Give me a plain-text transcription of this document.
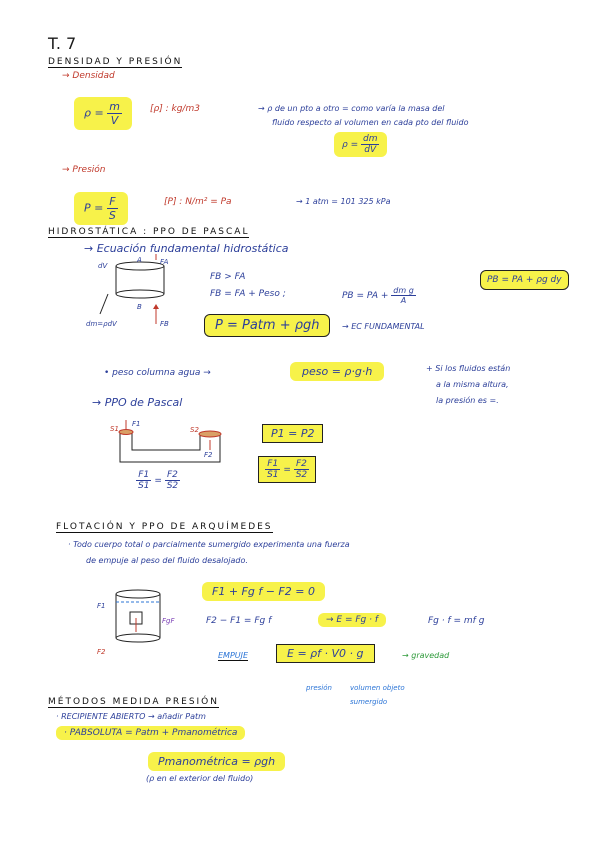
T. 7
DENSIDAD Y PRESIÓN
→ Densidad
$\rho = \frac{m}{V}$	[ρ] : kg/m3	→ ρ de un pto a otro = como varía la masa del
fluido respecto al volumen en cada pto del fluido
$\rho = \frac{dm}{dV}$
→ Presión
$P = \frac{F}{S}$	[P] : N/m² = Pa	→ 1 atm = 101 325 kPa
HIDROSTÁTICA : PPO DE PASCAL
→ Ecuación fundamental hidrostática
dV
A	FA
B
FB
dm=ρdV
FB > FA
FB = FA + Peso ;	PB = PA + $\frac{\text{dm g}}{A}$
PB = PA + ρg dy
P = Patm + ρgh	→ EC FUNDAMENTAL
• peso columna agua →	peso = ρ·g·h	+ Si los fluidos están
a la misma altura,
la presión es =.
→ PPO de Pascal
S1
F1
S2
F2
$\frac{F1}{S1} = \frac{F2}{S2}$
P1 = P2
$\frac{F1}{S1} = \frac{F2}{S2}$
FLOTACIÓN Y PPO DE ARQUÍMEDES
· Todo cuerpo total o parcialmente sumergido experimenta una fuerza
de empuje al peso del fluido desalojado.
F1
F2
FgF
F1 + Fg f − F2 = 0
F2 − F1 = Fg f	→ E = Fg · f	Fg · f = mf g
EMPUJE	E = ρf · V0 · g	→ gravedad
presión	volumen objeto
sumergido
MÉTODOS MEDIDA PRESIÓN
· RECIPIENTE ABIERTO → añadir Patm
· PABSOLUTA = Patm + Pmanométrica
Pmanométrica = ρgh
(ρ en el exterior del fluido)
